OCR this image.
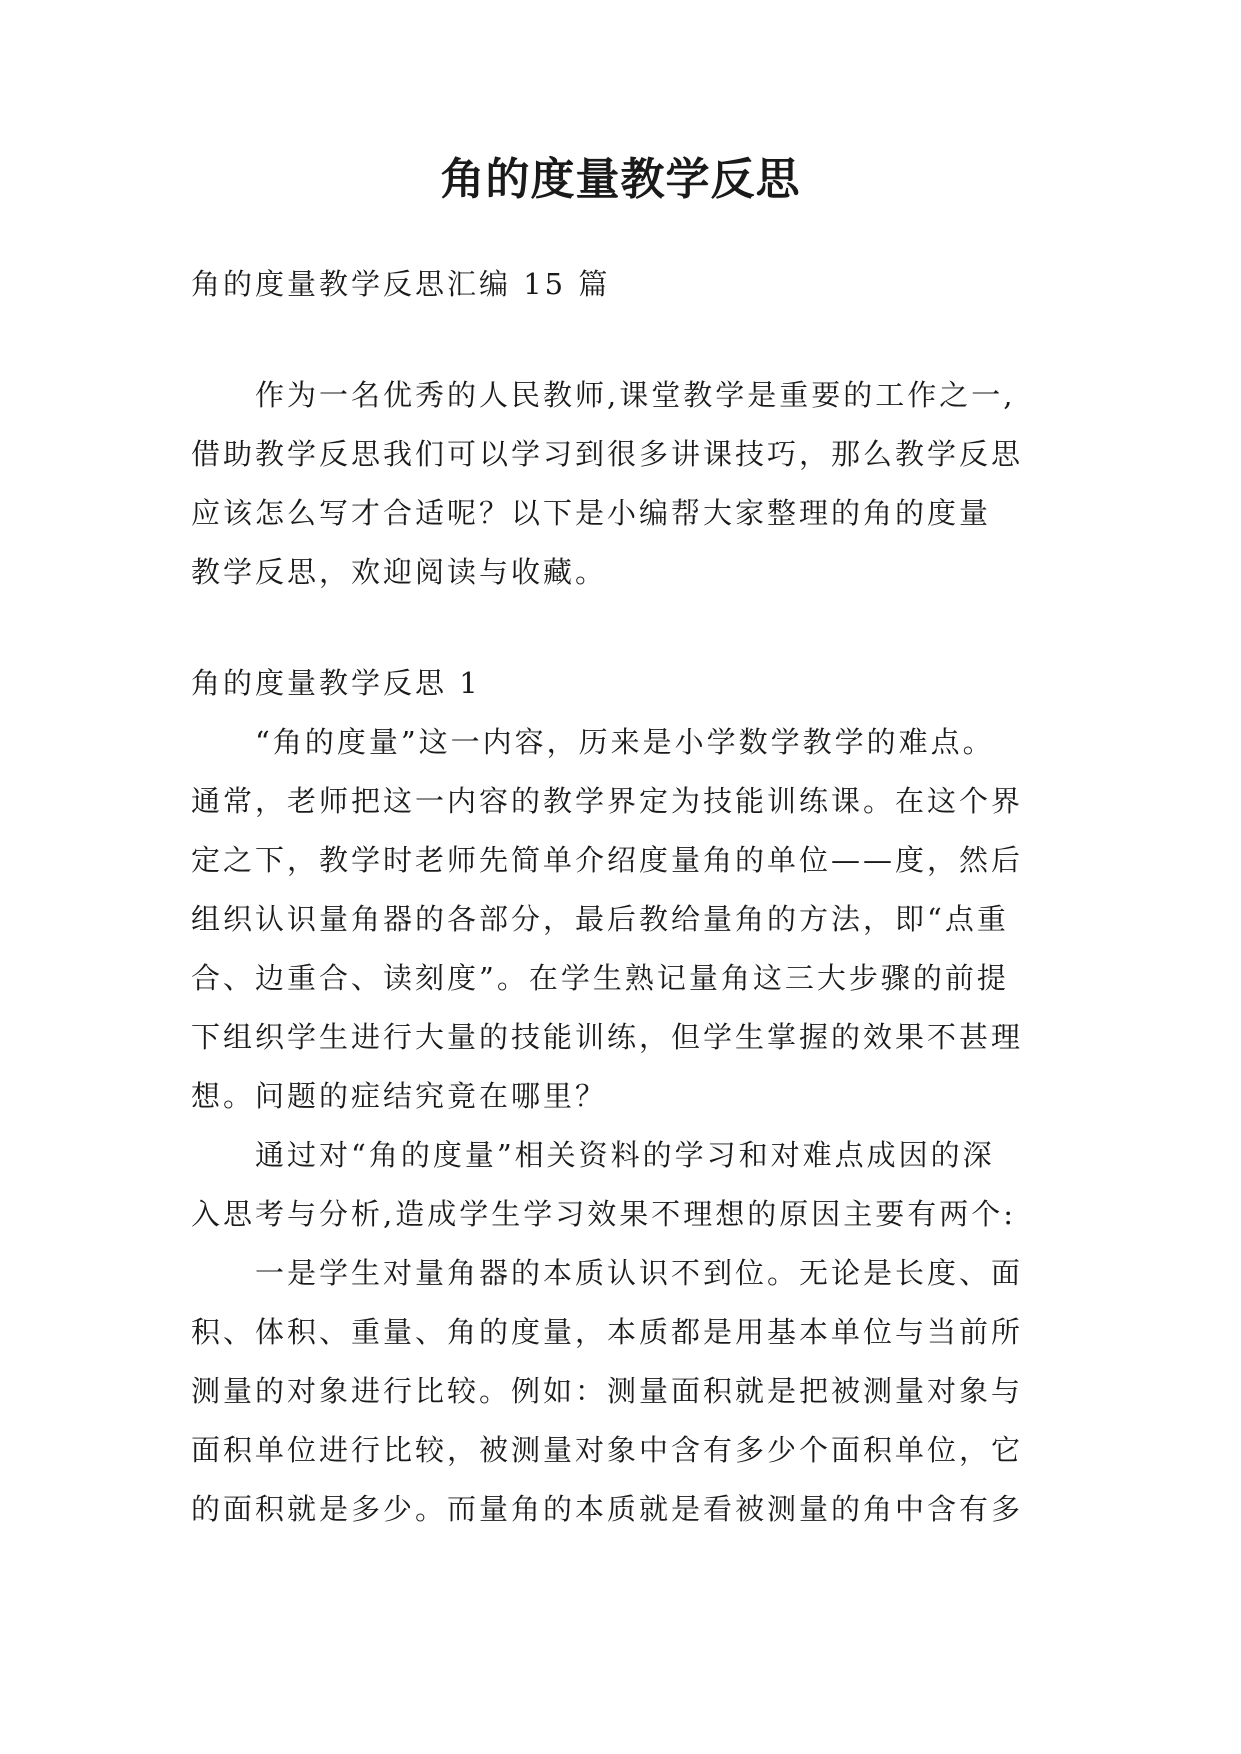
角的度量教学反思

角的度量教学反思汇编 15 篇

作为一名优秀的人民教师,课堂教学是重要的工作之一,
借助教学反思我们可以学习到很多讲课技巧，那么教学反思
应该怎么写才合适呢？以下是小编帮大家整理的角的度量
教学反思，欢迎阅读与收藏。

角的度量教学反思 1

“角的度量”这一内容，历来是小学数学教学的难点。
通常，老师把这一内容的教学界定为技能训练课。在这个界
定之下，教学时老师先简单介绍度量角的单位——度，然后
组织认识量角器的各部分，最后教给量角的方法，即“点重
合、边重合、读刻度”。在学生熟记量角这三大步骤的前提
下组织学生进行大量的技能训练，但学生掌握的效果不甚理
想。问题的症结究竟在哪里？

通过对“角的度量”相关资料的学习和对难点成因的深
入思考与分析,造成学生学习效果不理想的原因主要有两个:

一是学生对量角器的本质认识不到位。无论是长度、面
积、体积、重量、角的度量，本质都是用基本单位与当前所
测量的对象进行比较。例如：测量面积就是把被测量对象与
面积单位进行比较，被测量对象中含有多少个面积单位，它
的面积就是多少。而量角的本质就是看被测量的角中含有多
